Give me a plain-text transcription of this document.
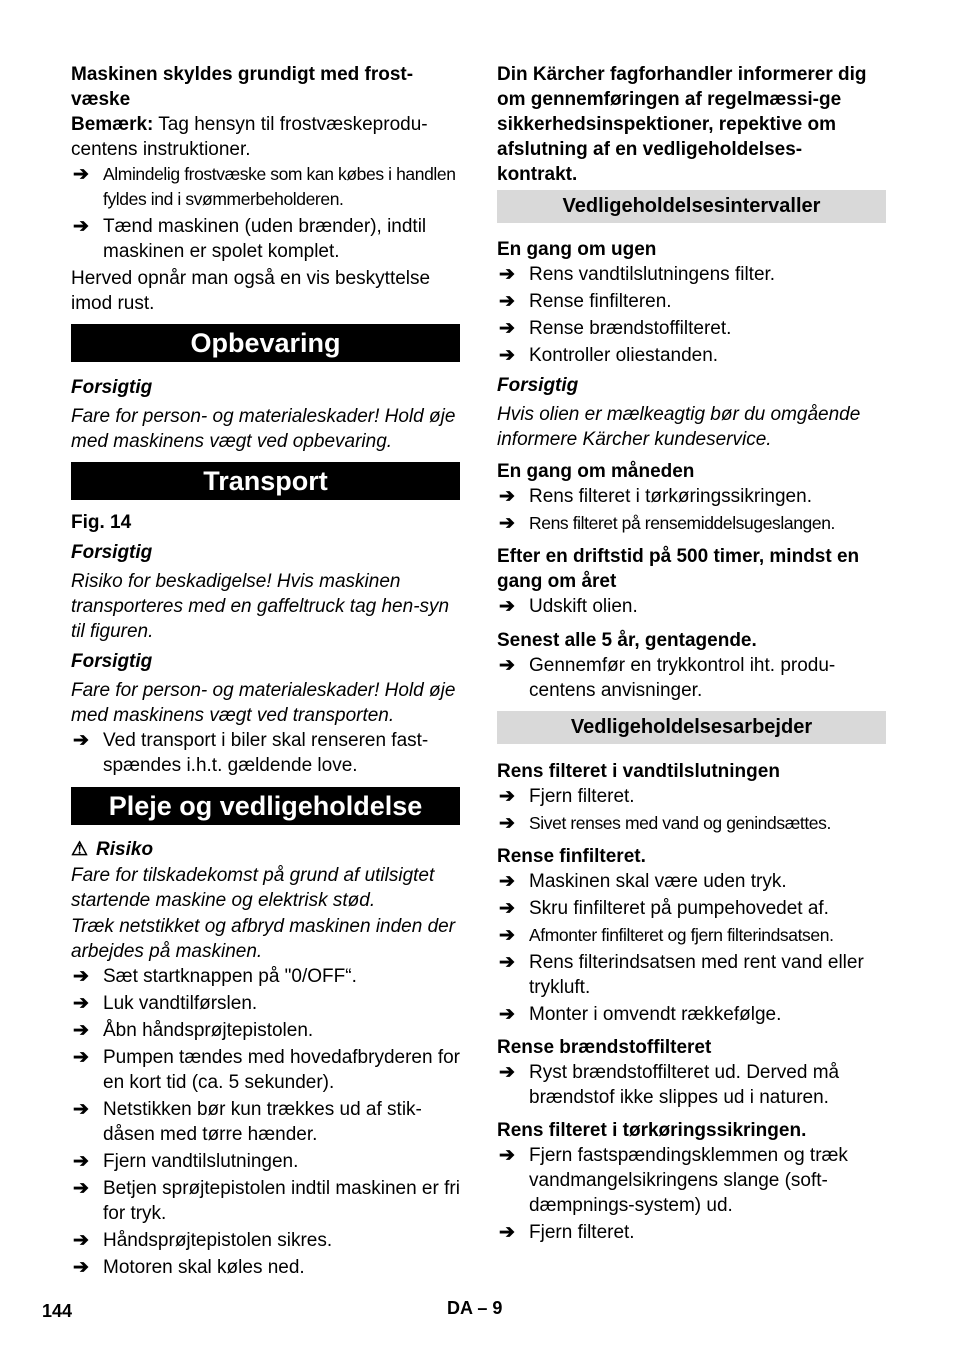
Maskinen skyldes grundigt med frost-væske

Bemærk: Tag hensyn til frostvæskeprodu-centens instruktioner.

➔ Almindelig frostvæske som kan købes i handlen fyldes ind i svømmerbeholderen.
➔ Tænd maskinen (uden brænder), indtil maskinen er spolet komplet.

Herved opnår man også en vis beskyttelse imod rust.

Opbevaring

Forsigtig

Fare for person- og materialeskader! Hold øje med maskinens vægt ved opbevaring.

Transport

Fig. 14

Forsigtig

Risiko for beskadigelse! Hvis maskinen transporteres med en gaffeltruck tag hen-syn til figuren.

Forsigtig

Fare for person- og materialeskader! Hold øje med maskinens vægt ved transporten.

➔ Ved transport i biler skal renseren fast-spændes i.h.t. gældende love.
Pleje og vedligeholdelse

⚠ Risiko

Fare for tilskadekomst på grund af utilsigtet startende maskine og elektrisk stød.

Træk netstikket og afbryd maskinen inden der arbejdes på maskinen.

➔ Sæt startknappen på "0/OFF“.
➔ Luk vandtilførslen.
➔ Åbn håndsprøjtepistolen.
➔ Pumpen tændes med hovedafbryderen for en kort tid (ca. 5 sekunder).
➔ Netstikken bør kun trækkes ud af stik-dåsen med tørre hænder.
➔ Fjern vandtilslutningen.
➔ Betjen sprøjtepistolen indtil maskinen er fri for tryk.
➔ Håndsprøjtepistolen sikres.
➔ Motoren skal køles ned.

Din Kärcher fagforhandler informerer dig om gennemføringen af regelmæssi-ge sikkerhedsinspektioner, repektive om afslutning af en vedligeholdelses-kontrakt.

Vedligeholdelsesintervaller

En gang om ugen

➔ Rens vandtilslutningens filter.
➔ Rense finfilteren.
➔ Rense brændstoffilteret.
➔ Kontroller oliestanden.

Forsigtig

Hvis olien er mælkeagtig bør du omgående informere Kärcher kundeservice.

En gang om måneden

➔ Rens filteret i tørkøringssikringen.
➔ Rens filteret på rensemiddelsugeslangen.

Efter en driftstid på 500 timer, mindst en gang om året

➔ Udskift olien.

Senest alle 5 år, gentagende.

➔ Gennemfør en trykkontrol iht. produ-centens anvisninger.
Vedligeholdelsesarbejder

Rens filteret i vandtilslutningen

➔ Fjern filteret.
➔ Sivet renses med vand og genindsættes.

Rense finfilteret.

➔ Maskinen skal være uden tryk.
➔ Skru finfilteret på pumpehovedet af.
➔ Afmonter finfilteret og fjern filterindsatsen.
➔ Rens filterindsatsen med rent vand eller trykluft.
➔ Monter i omvendt rækkefølge.

Rense brændstoffilteret

➔ Ryst brændstoffilteret ud. Derved må brændstof ikke slippes ud i naturen.

Rens filteret i tørkøringssikringen.

➔ Fjern fastspændingsklemmen og træk vandmangelsikringens slange (soft-dæmpnings-system) ud.
➔ Fjern filteret.
144	DA – 9
